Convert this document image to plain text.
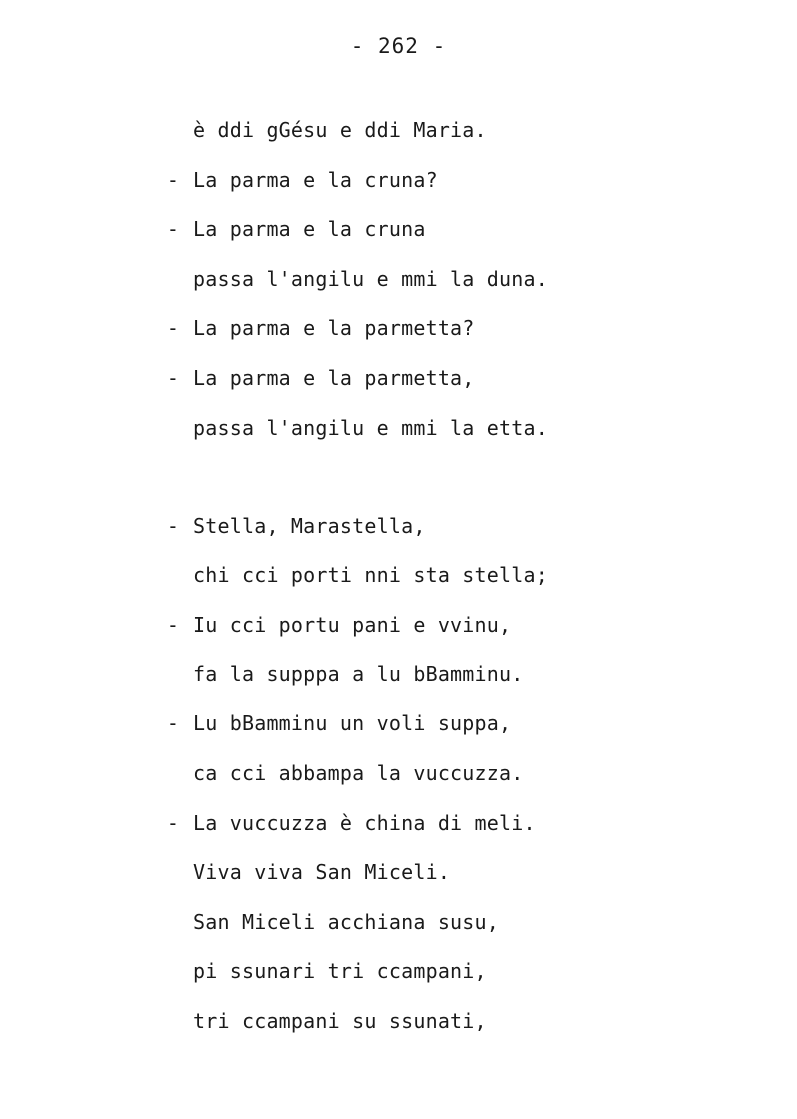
- 262 -
è ddi gGésu e ddi Maria.
- La parma e la cruna?
- La parma e la cruna
passa l'angilu e mmi la duna.
- La parma e la parmetta?
- La parma e la parmetta,
passa l'angilu e mmi la etta.
- Stella, Marastella,
chi cci porti nni sta stella;
- Iu cci portu pani e vvinu,
fa la supppa a lu bBamminu.
- Lu bBamminu un voli suppa,
ca cci abbampa la vuccuzza.
- La vuccuzza è china di meli.
Viva viva San Miceli.
San Miceli acchiana susu,
pi ssunari tri ccampani,
tri ccampani su ssunati,
